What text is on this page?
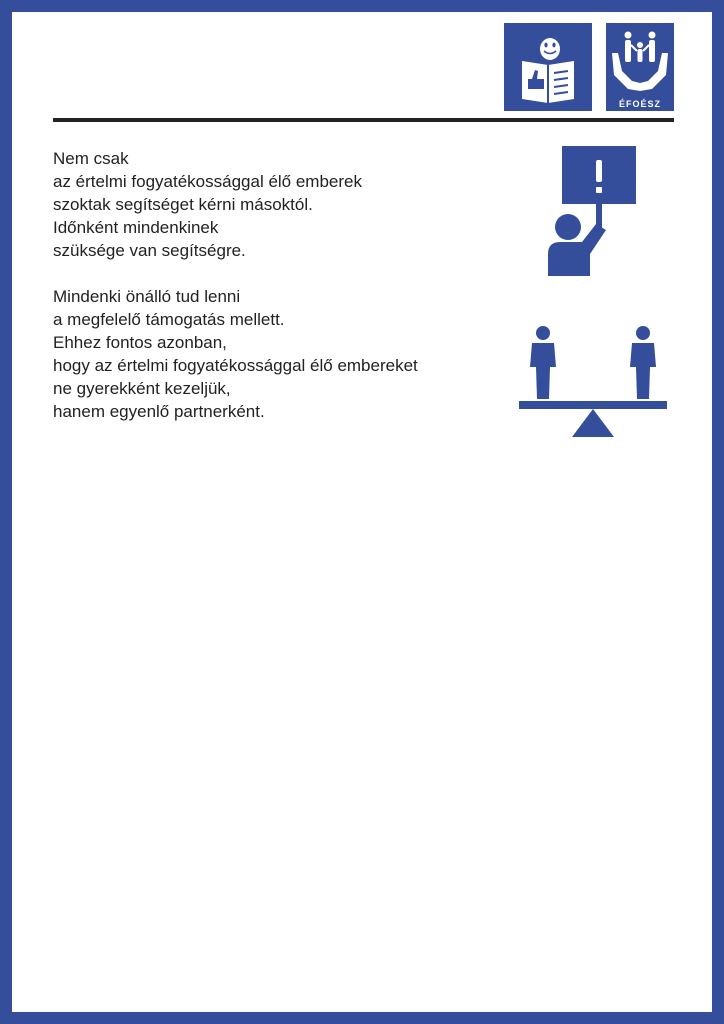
ÉFOÉSZ
Nem csak
az értelmi fogyatékossággal élő emberek
szoktak segítséget kérni másoktól.
Időnként mindenkinek
szüksége van segítségre.
Mindenki önálló tud lenni
a megfelelő támogatás mellett.
Ehhez fontos azonban,
hogy az értelmi fogyatékossággal élő embereket
ne gyerekként kezeljük,
hanem egyenlő partnerként.
